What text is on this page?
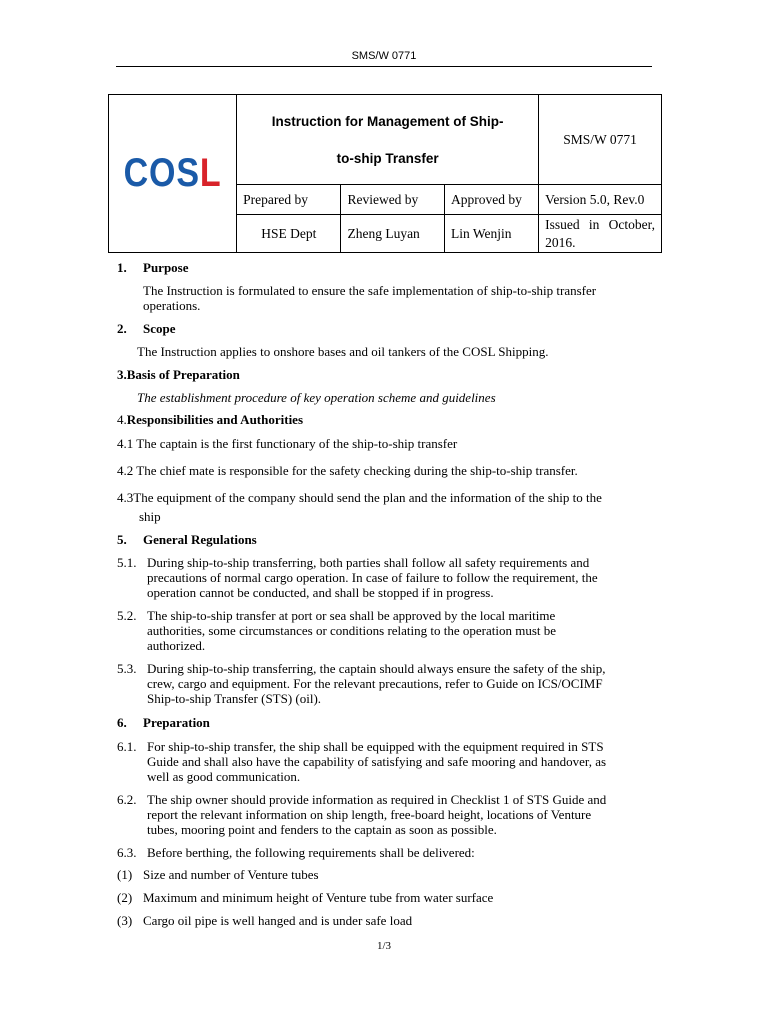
SMS/W 0771
COSL	Instruction for Management of Ship-
to-ship Transfer			SMS/W 0771
	Prepared by	Reviewed by	Approved by	Version 5.0, Rev.0
	HSE Dept	Zheng Luyan	Lin Wenjin	Issued in October,
2016.
1. Purpose
The Instruction is formulated to ensure the safe implementation of ship-to-ship transfer
operations.
2. Scope
The Instruction applies to onshore bases and oil tankers of the COSL Shipping.
3.Basis of Preparation
The establishment procedure of key operation scheme and guidelines
4.Responsibilities and Authorities
4.1 The captain is the first functionary of the ship-to-ship transfer
4.2 The chief mate is responsible for the safety checking during the ship-to-ship transfer.
4.3The equipment of the company should send the plan and the information of the ship to the
ship
5. General Regulations
5.1. During ship-to-ship transferring, both parties shall follow all safety requirements and
precautions of normal cargo operation. In case of failure to follow the requirement, the
operation cannot be conducted, and shall be stopped if in progress.
5.2. The ship-to-ship transfer at port or sea shall be approved by the local maritime
authorities, some circumstances or conditions relating to the operation must be
authorized.
5.3. During ship-to-ship transferring, the captain should always ensure the safety of the ship,
crew, cargo and equipment. For the relevant precautions, refer to Guide on ICS/OCIMF
Ship-to-ship Transfer (STS) (oil).
6. Preparation
6.1. For ship-to-ship transfer, the ship shall be equipped with the equipment required in STS
Guide and shall also have the capability of satisfying and safe mooring and handover, as
well as good communication.
6.2. The ship owner should provide information as required in Checklist 1 of STS Guide and
report the relevant information on ship length, free-board height, locations of Venture
tubes, mooring point and fenders to the captain as soon as possible.
6.3. Before berthing, the following requirements shall be delivered:
(1) Size and number of Venture tubes
(2) Maximum and minimum height of Venture tube from water surface
(3) Cargo oil pipe is well hanged and is under safe load
1/3
